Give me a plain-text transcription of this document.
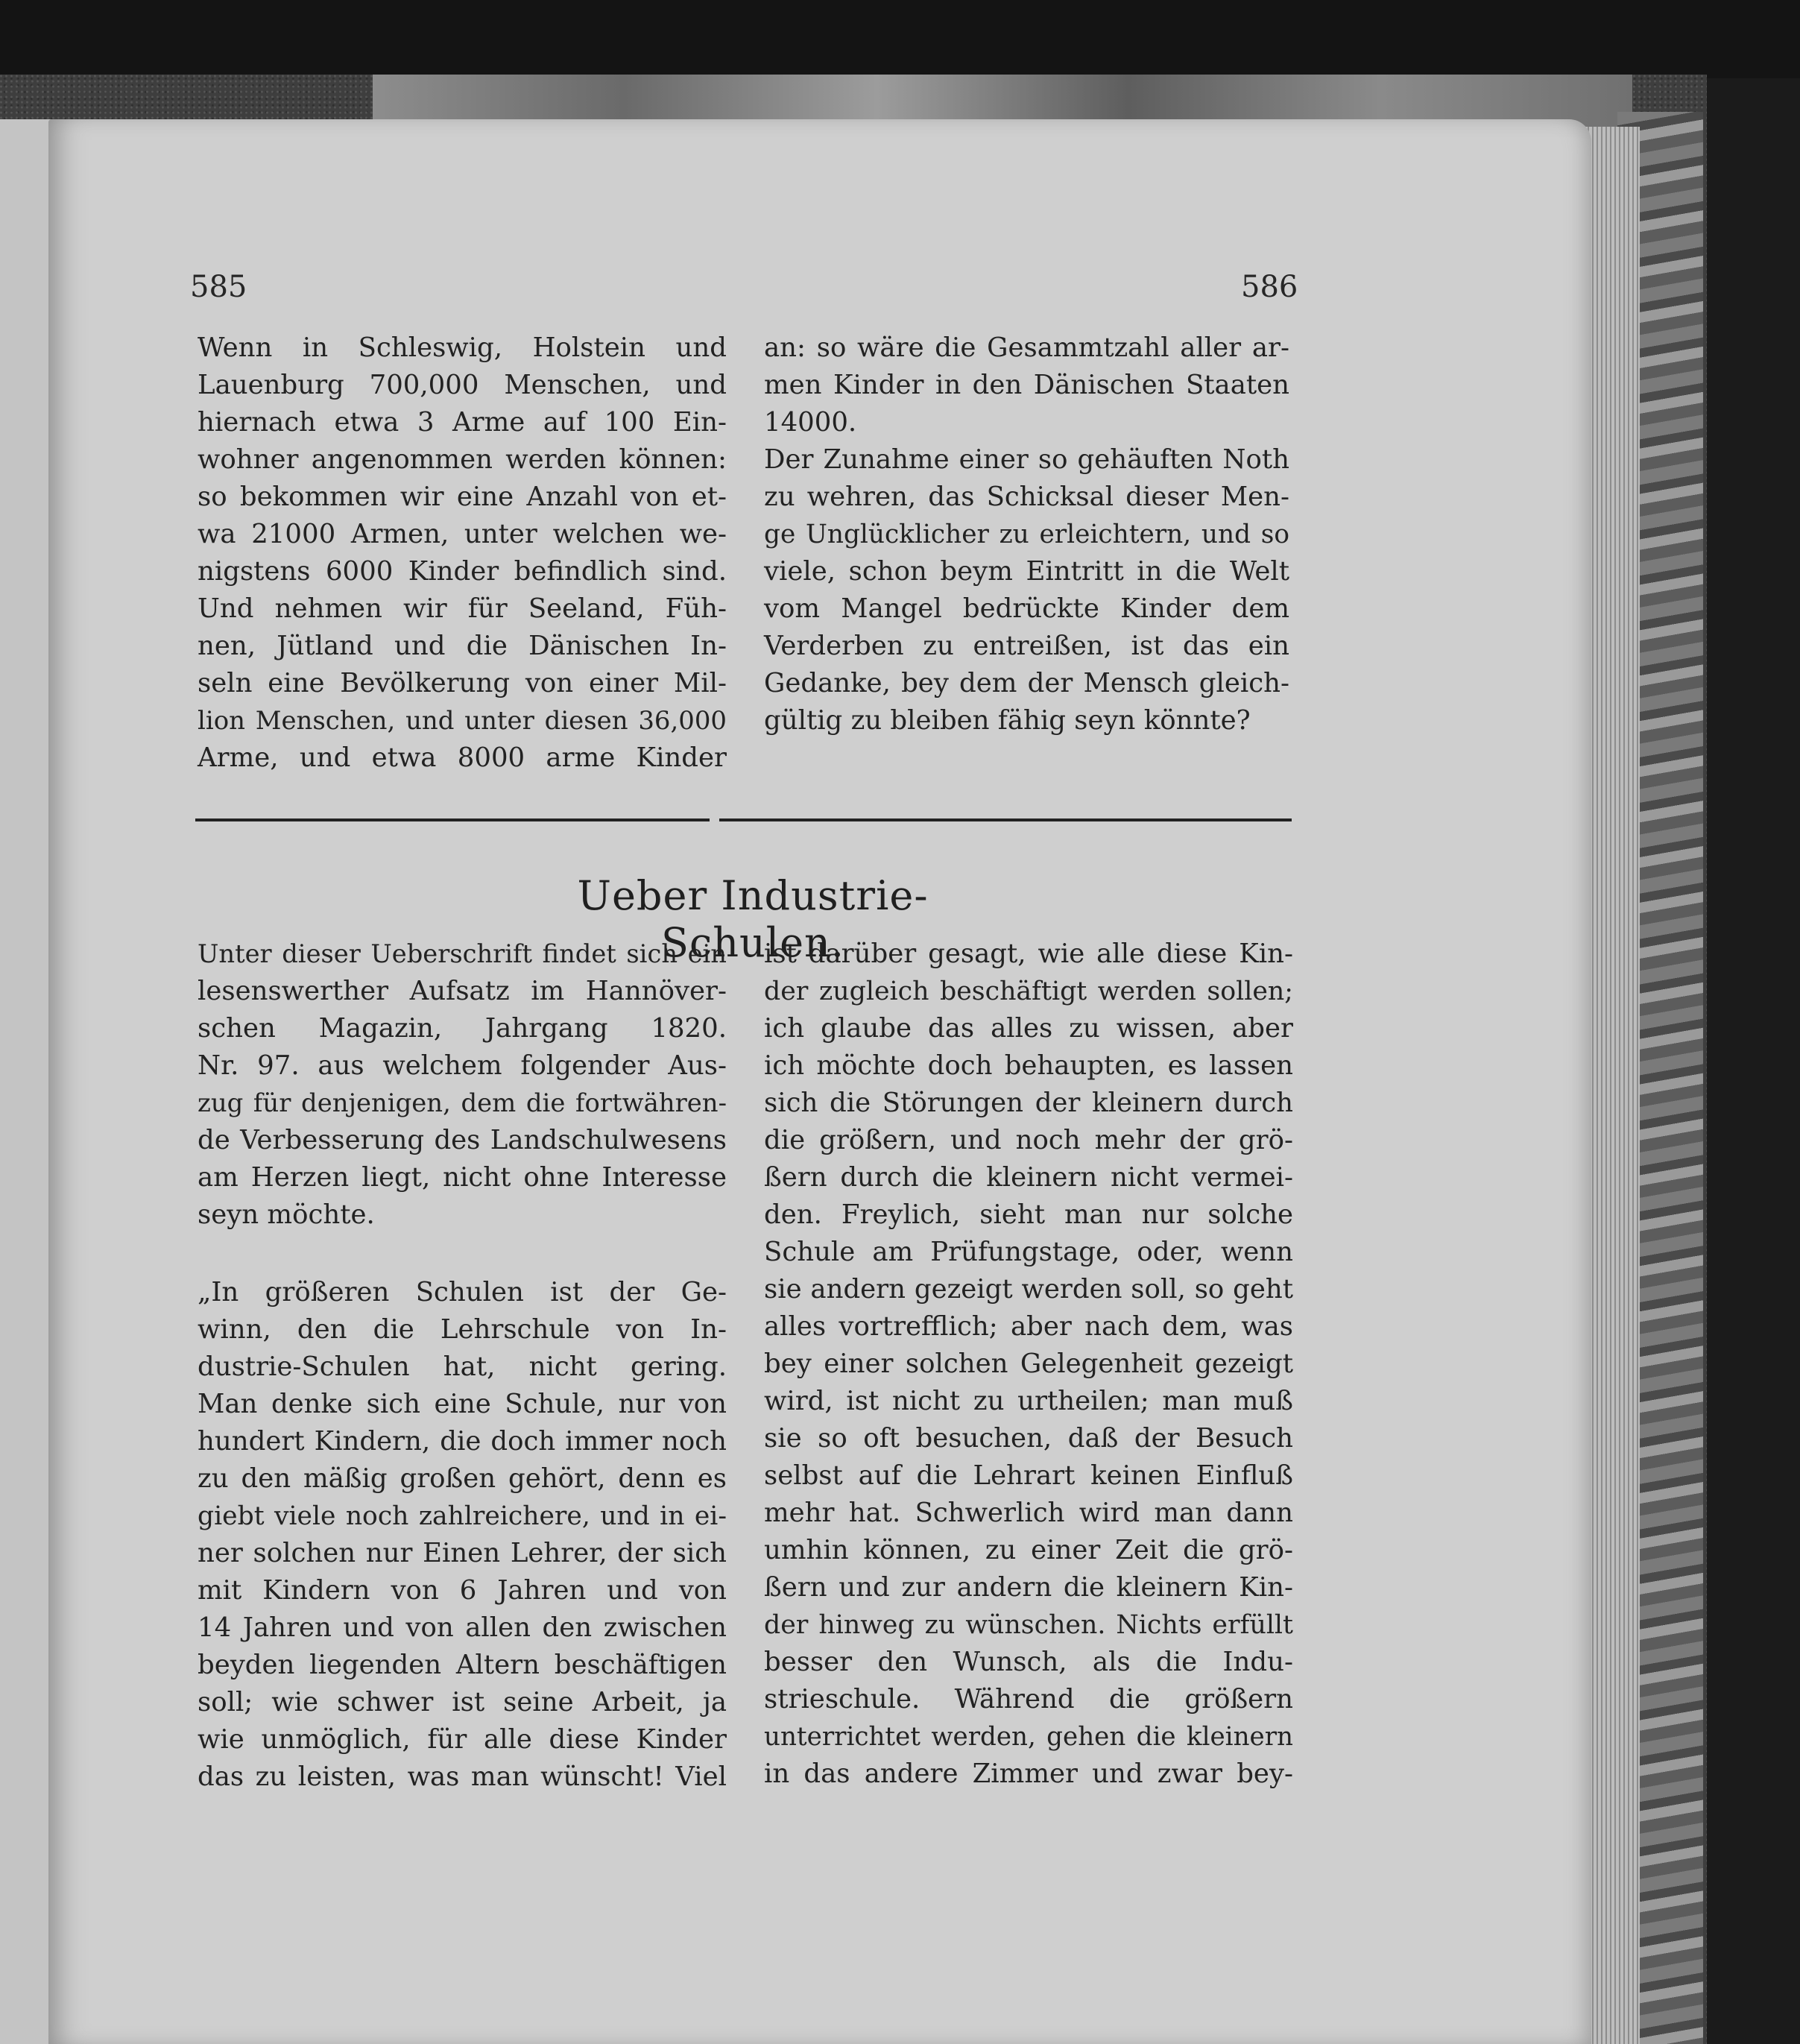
585	586
Wenn in Schleswig, Holstein und
Lauenburg 700,000 Menschen, und
hiernach etwa 3 Arme auf 100 Ein-
wohner angenommen werden können:
so bekommen wir eine Anzahl von et-
wa 21000 Armen, unter welchen we-
nigstens 6000 Kinder befindlich sind.
Und nehmen wir für Seeland, Füh-
nen, Jütland und die Dänischen In-
seln eine Bevölkerung von einer Mil-
lion Menschen, und unter diesen 36,000
Arme, und etwa 8000 arme Kinder
an: so wäre die Gesammtzahl aller ar-
men Kinder in den Dänischen Staaten
14000.
Der Zunahme einer so gehäuften Noth
zu wehren, das Schicksal dieser Men-
ge Unglücklicher zu erleichtern, und so
viele, schon beym Eintritt in die Welt
vom Mangel bedrückte Kinder dem
Verderben zu entreißen, ist das ein
Gedanke, bey dem der Mensch gleich-
gültig zu bleiben fähig seyn könnte?
Ueber Industrie-Schulen.
Unter dieser Ueberschrift findet sich ein
lesenswerther Aufsatz im Hannöver-
schen Magazin, Jahrgang 1820.
Nr. 97. aus welchem folgender Aus-
zug für denjenigen, dem die fortwähren-
de Verbesserung des Landschulwesens
am Herzen liegt, nicht ohne Interesse
seyn möchte.
„In größeren Schulen ist der Ge-
winn, den die Lehrschule von In-
dustrie-Schulen hat, nicht gering.
Man denke sich eine Schule, nur von
hundert Kindern, die doch immer noch
zu den mäßig großen gehört, denn es
giebt viele noch zahlreichere, und in ei-
ner solchen nur Einen Lehrer, der sich
mit Kindern von 6 Jahren und von
14 Jahren und von allen den zwischen
beyden liegenden Altern beschäftigen
soll; wie schwer ist seine Arbeit, ja
wie unmöglich, für alle diese Kinder
das zu leisten, was man wünscht! Viel
ist darüber gesagt, wie alle diese Kin-
der zugleich beschäftigt werden sollen;
ich glaube das alles zu wissen, aber
ich möchte doch behaupten, es lassen
sich die Störungen der kleinern durch
die größern, und noch mehr der grö-
ßern durch die kleinern nicht vermei-
den. Freylich, sieht man nur solche
Schule am Prüfungstage, oder, wenn
sie andern gezeigt werden soll, so geht
alles vortrefflich; aber nach dem, was
bey einer solchen Gelegenheit gezeigt
wird, ist nicht zu urtheilen; man muß
sie so oft besuchen, daß der Besuch
selbst auf die Lehrart keinen Einfluß
mehr hat. Schwerlich wird man dann
umhin können, zu einer Zeit die grö-
ßern und zur andern die kleinern Kin-
der hinweg zu wünschen. Nichts erfüllt
besser den Wunsch, als die Indu-
strieschule. Während die größern
unterrichtet werden, gehen die kleinern
in das andere Zimmer und zwar bey-
